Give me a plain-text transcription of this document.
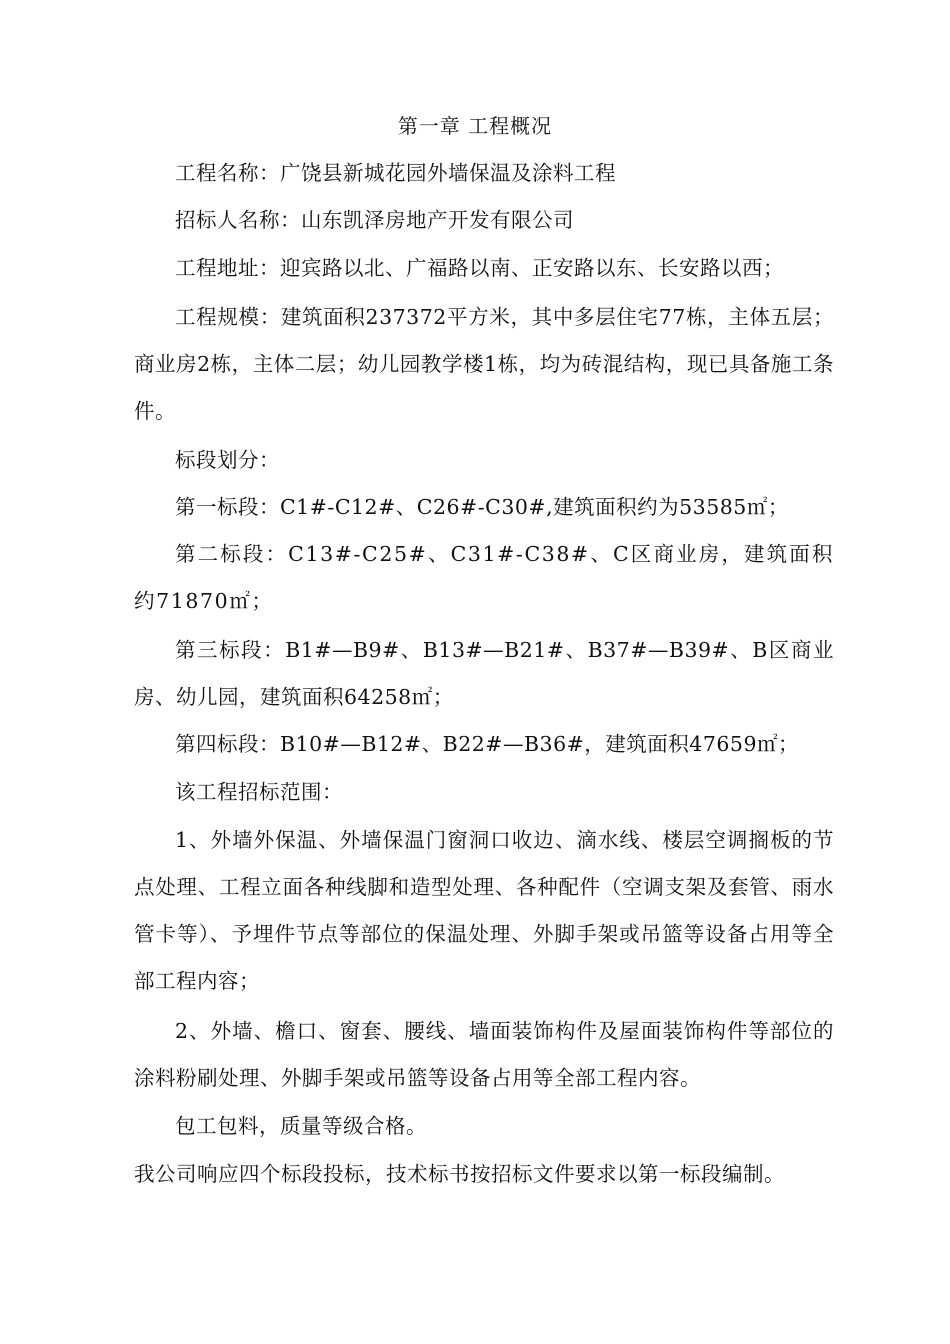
第一章 工程概况

工程名称：广饶县新城花园外墙保温及涂料工程

招标人名称：山东凯泽房地产开发有限公司

工程地址：迎宾路以北、广福路以南、正安路以东、长安路以西；

工程规模：建筑面积237372平方米，其中多层住宅77栋，主体五层；商业房2栋，主体二层；幼儿园教学楼1栋，均为砖混结构，现已具备施工条件。

标段划分：

第一标段：C1#-C12#、C26#-C30#,建筑面积约为53585㎡；

第二标段：C13#-C25#、C31#-C38#、C区商业房，建筑面积约71870㎡；

第三标段：B1#—B9#、B13#—B21#、B37#—B39#、B区商业房、幼儿园，建筑面积64258㎡；

第四标段：B10#—B12#、B22#—B36#，建筑面积47659㎡；

该工程招标范围：

1、外墙外保温、外墙保温门窗洞口收边、滴水线、楼层空调搁板的节点处理、工程立面各种线脚和造型处理、各种配件（空调支架及套管、雨水管卡等）、予埋件节点等部位的保温处理、外脚手架或吊篮等设备占用等全部工程内容；

2、外墙、檐口、窗套、腰线、墙面装饰构件及屋面装饰构件等部位的涂料粉刷处理、外脚手架或吊篮等设备占用等全部工程内容。

包工包料，质量等级合格。

我公司响应四个标段投标，技术标书按招标文件要求以第一标段编制。
